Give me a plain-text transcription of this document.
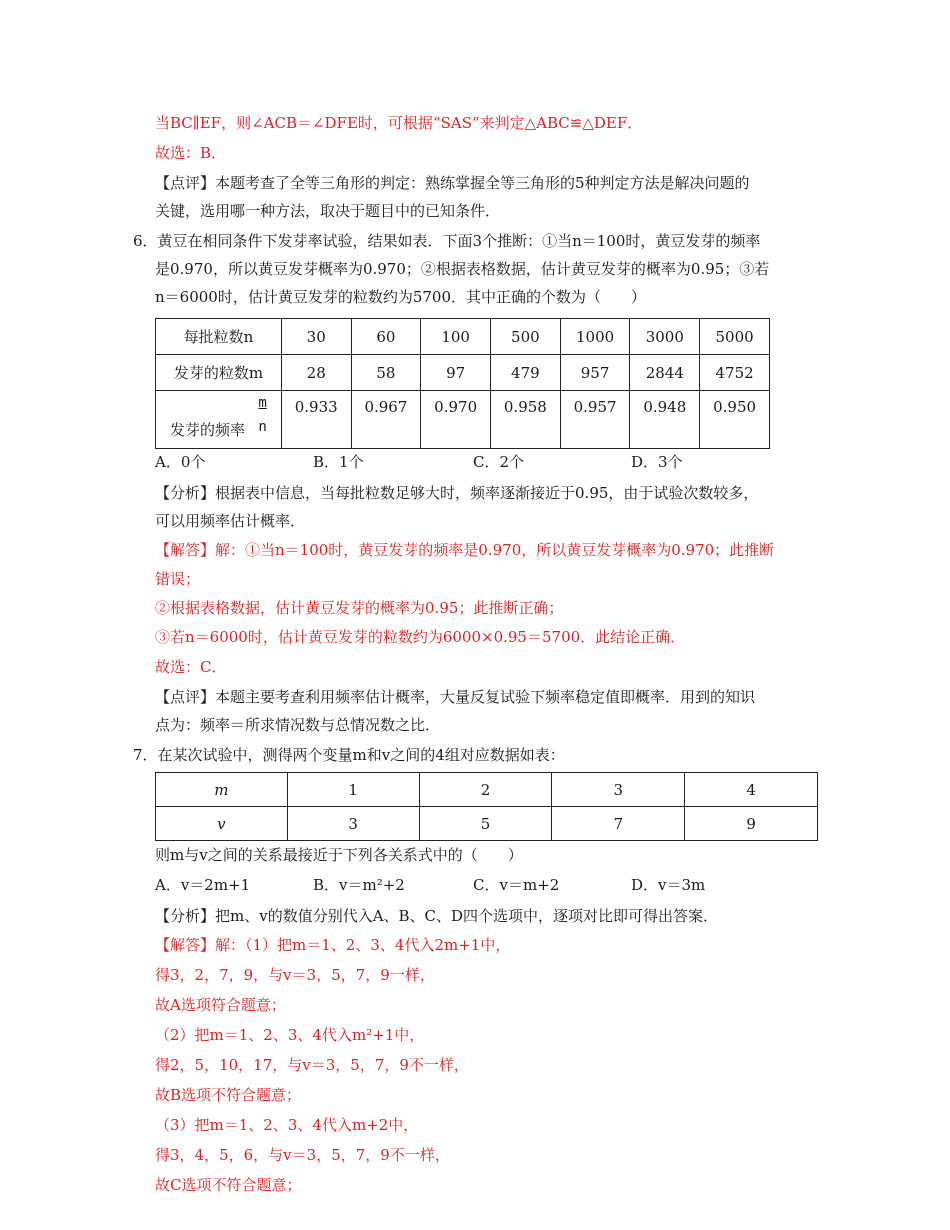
当BC∥EF，则∠ACB＝∠DFE时，可根据“SAS”来判定△ABC≌△DEF．
故选：B．
【点评】本题考查了全等三角形的判定：熟练掌握全等三角形的5种判定方法是解决问题的
关键，选用哪一种方法，取决于题目中的已知条件．
6．黄豆在相同条件下发芽率试验，结果如表．下面3个推断：①当n＝100时，黄豆发芽的频率
是0.970，所以黄豆发芽概率为0.970；②根据表格数据，估计黄豆发芽的概率为0.95；③若
n＝6000时，估计黄豆发芽的粒数约为5700．其中正确的个数为（　　）
每批粒数n	30	60	100	500	1000	3000	5000
发芽的粒数m	28	58	97	479	957	2844	4752

m
发芽的频率 n	0.933	0.967	0.970	0.958	0.957	0.948	0.950
A．0个	B．1个	C．2个	D．3个
【分析】根据表中信息，当每批粒数足够大时，频率逐渐接近于0.95，由于试验次数较多，
可以用频率估计概率．
【解答】解：①当n＝100时，黄豆发芽的频率是0.970，所以黄豆发芽概率为0.970；此推断
错误；
②根据表格数据，估计黄豆发芽的概率为0.95；此推断正确；
③若n＝6000时，估计黄豆发芽的粒数约为6000×0.95＝5700．此结论正确．
故选：C．
【点评】本题主要考查利用频率估计概率，大量反复试验下频率稳定值即概率．用到的知识
点为：频率＝所求情况数与总情况数之比．
7．在某次试验中，测得两个变量m和v之间的4组对应数据如表：
m	1	2	3	4
v	3	5	7	9
则m与v之间的关系最接近于下列各关系式中的（　　）
A．v＝2m+1	B．v＝m²+2	C．v＝m+2	D．v＝3m
【分析】把m、v的数值分别代入A、B、C、D四个选项中，逐项对比即可得出答案．
【解答】解：（1）把m＝1、2、3、4代入2m+1中，
得3，2，7，9，与v＝3，5，7，9一样，
故A选项符合题意；
（2）把m＝1、2、3、4代入m²+1中，
得2，5，10，17，与v＝3，5，7，9不一样，
故B选项不符合题意；
（3）把m＝1、2、3、4代入m+2中，
得3，4，5，6，与v＝3，5，7，9不一样，
故C选项不符合题意；
